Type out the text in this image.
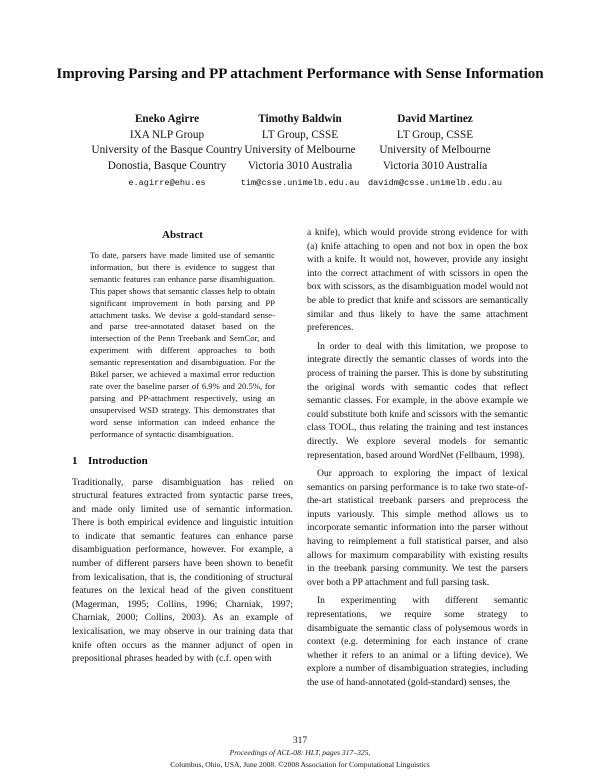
Improving Parsing and PP attachment Performance with Sense Information
Eneko Agirre
IXA NLP Group
University of the Basque Country
Donostia, Basque Country
e.agirre@ehu.es
Timothy Baldwin
LT Group, CSSE
University of Melbourne
Victoria 3010 Australia
tim@csse.unimelb.edu.au
David Martinez
LT Group, CSSE
University of Melbourne
Victoria 3010 Australia
davidm@csse.unimelb.edu.au
Abstract
To date, parsers have made limited use of semantic information, but there is evidence to suggest that semantic features can enhance parse disambiguation. This paper shows that semantic classes help to obtain significant improvement in both parsing and PP attachment tasks. We devise a gold-standard sense- and parse tree-annotated dataset based on the intersection of the Penn Treebank and SemCor, and experiment with different approaches to both semantic representation and disambiguation. For the Bikel parser, we achieved a maximal error reduction rate over the baseline parser of 6.9% and 20.5%, for parsing and PP-attachment respectively, using an unsupervised WSD strategy. This demonstrates that word sense information can indeed enhance the performance of syntactic disambiguation.
1 Introduction
Traditionally, parse disambiguation has relied on structural features extracted from syntactic parse trees, and made only limited use of semantic information. There is both empirical evidence and linguistic intuition to indicate that semantic features can enhance parse disambiguation performance, however. For example, a number of different parsers have been shown to benefit from lexicalisation, that is, the conditioning of structural features on the lexical head of the given constituent (Magerman, 1995; Collins, 1996; Charniak, 1997; Charniak, 2000; Collins, 2003). As an example of lexicalisation, we may observe in our training data that knife often occurs as the manner adjunct of open in prepositional phrases headed by with (c.f. open with
a knife), which would provide strong evidence for with (a) knife attaching to open and not box in open the box with a knife. It would not, however, provide any insight into the correct attachment of with scissors in open the box with scissors, as the disambiguation model would not be able to predict that knife and scissors are semantically similar and thus likely to have the same attachment preferences.
In order to deal with this limitation, we propose to integrate directly the semantic classes of words into the process of training the parser. This is done by substituting the original words with semantic codes that reflect semantic classes. For example, in the above example we could substitute both knife and scissors with the semantic class TOOL, thus relating the training and test instances directly. We explore several models for semantic representation, based around WordNet (Fellbaum, 1998).
Our approach to exploring the impact of lexical semantics on parsing performance is to take two state-of-the-art statistical treebank parsers and preprocess the inputs variously. This simple method allows us to incorporate semantic information into the parser without having to reimplement a full statistical parser, and also allows for maximum comparability with existing results in the treebank parsing community. We test the parsers over both a PP attachment and full parsing task.
In experimenting with different semantic representations, we require some strategy to disambiguate the semantic class of polysemous words in context (e.g. determining for each instance of crane whether it refers to an animal or a lifting device). We explore a number of disambiguation strategies, including the use of hand-annotated (gold-standard) senses, the
317
Proceedings of ACL-08: HLT, pages 317–325,
Columbus, Ohio, USA, June 2008. ©2008 Association for Computational Linguistics
